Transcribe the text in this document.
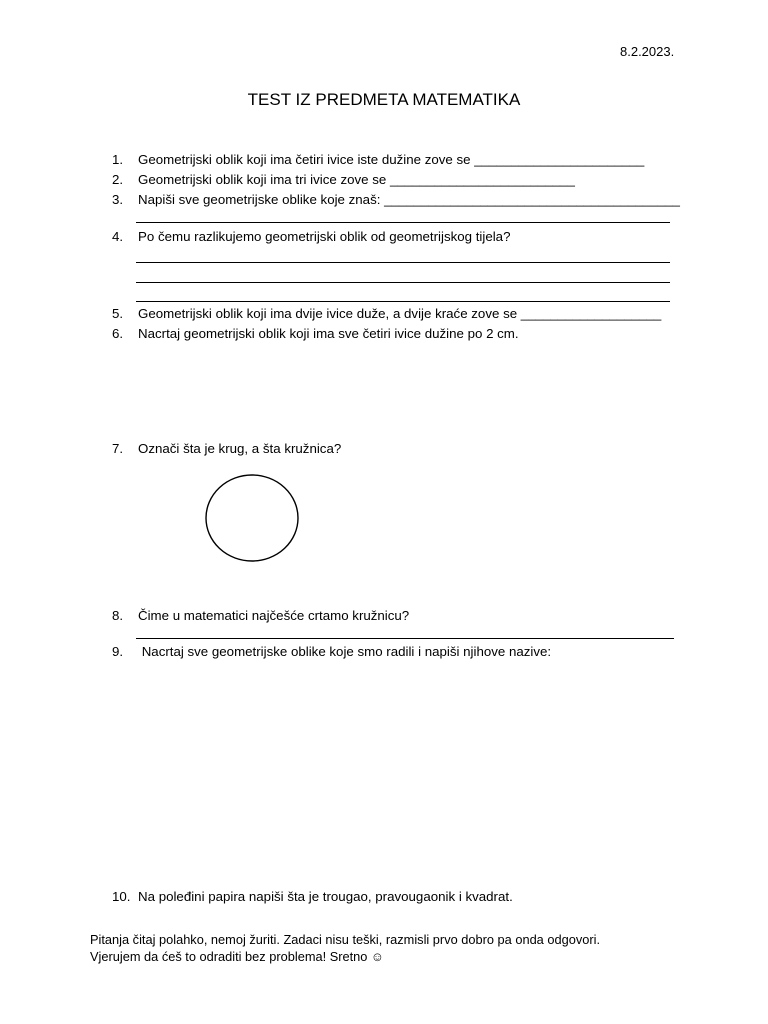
8.2.2023.
TEST IZ PREDMETA MATEMATIKA
1. Geometrijski oblik koji ima četiri ivice iste dužine zove se _______________________
2. Geometrijski oblik koji ima tri ivice zove se _________________________
3. Napiši sve geometrijske oblike koje znaš: ________________________________________
4. Po čemu razlikujemo geometrijski oblik od geometrijskog tijela?
5. Geometrijski oblik koji ima dvije ivice duže, a dvije kraće zove se ___________________
6. Nacrtaj geometrijski oblik koji ima sve četiri ivice dužine po 2 cm.
7. Označi šta je krug, a šta kružnica?
8. Čime u matematici najčešće crtamo kružnicu?
9. Nacrtaj sve geometrijske oblike koje smo radili i napiši njihove nazive:
10. Na poleđini papira napiši šta je trougao, pravougaonik i kvadrat.
Pitanja čitaj polahko, nemoj žuriti. Zadaci nisu teški, razmisli prvo dobro pa onda odgovori.
Vjerujem da ćeš to odraditi bez problema! Sretno ☺
